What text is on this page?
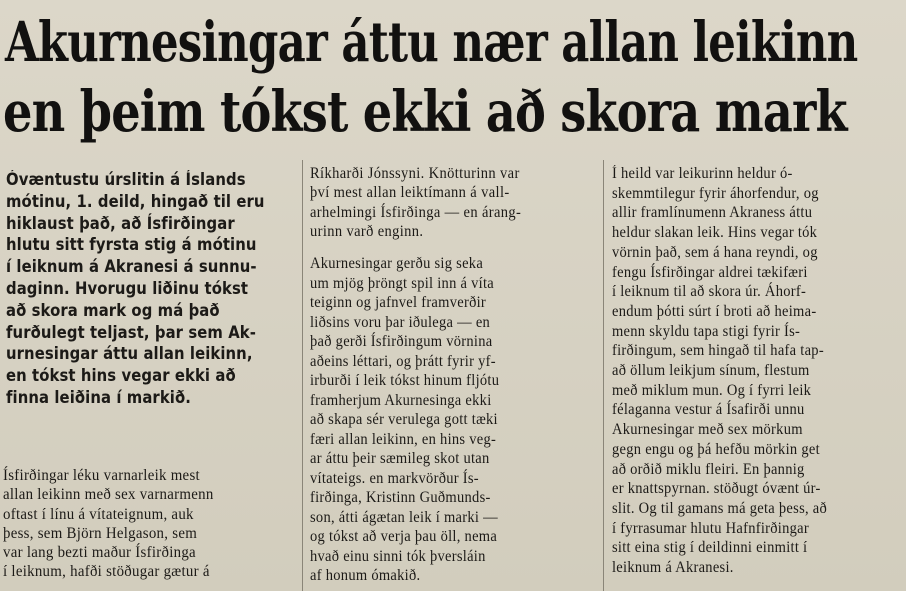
Akurnesingar áttu nær allan leikinn
en þeim tókst ekki að skora mark
Óvæntustu úrslitin á Íslands
mótinu, 1. deild, hingað til eru
hiklaust það, að Ísfirðingar
hlutu sitt fyrsta stig á mótinu
í leiknum á Akranesi á sunnu-
daginn. Hvorugu liðinu tókst
að skora mark og má það
furðulegt teljast, þar sem Ak-
urnesingar áttu allan leikinn,
en tókst hins vegar ekki að
finna leiðina í markið.
Ísfirðingar léku varnarleik mest
allan leikinn með sex varnarmenn
oftast í línu á vítateignum, auk
þess, sem Björn Helgason, sem
var lang bezti maður Ísfirðinga
í leiknum, hafði stöðugar gætur á
Ríkharði Jónssyni. Knötturinn var
því mest allan leiktímann á vall-
arhelmingi Ísfirðinga — en árang-
urinn varð enginn.
Akurnesingar gerðu sig seka
um mjög þröngt spil inn á víta
teiginn og jafnvel framverðir
liðsins voru þar iðulega — en
það gerði Ísfirðingum vörnina
aðeins léttari, og þrátt fyrir yf-
irburði í leik tókst hinum fljótu
framherjum Akurnesinga ekki
að skapa sér verulega gott tæki
færi allan leikinn, en hins veg-
ar áttu þeir sæmileg skot utan
vítateigs. en markvörður Ís-
firðinga, Kristinn Guðmunds-
son, átti ágætan leik í marki —
og tókst að verja þau öll, nema
hvað einu sinni tók þversláin
af honum ómakið.
Í heild var leikurinn heldur ó-
skemmtilegur fyrir áhorfendur, og
allir framlínumenn Akraness áttu
heldur slakan leik. Hins vegar tók
vörnin það, sem á hana reyndi, og
fengu Ísfirðingar aldrei tækifæri
í leiknum til að skora úr. Áhorf-
endum þótti súrt í broti að heima-
menn skyldu tapa stigi fyrir Ís-
firðingum, sem hingað til hafa tap-
að öllum leikjum sínum, flestum
með miklum mun. Og í fyrri leik
félaganna vestur á Ísafirði unnu
Akurnesingar með sex mörkum
gegn engu og þá hefðu mörkin get
að orðið miklu fleiri. En þannig
er knattspyrnan. stöðugt óvænt úr-
slit. Og til gamans má geta þess, að
í fyrrasumar hlutu Hafnfirðingar
sitt eina stig í deildinni einmitt í
leiknum á Akranesi.
